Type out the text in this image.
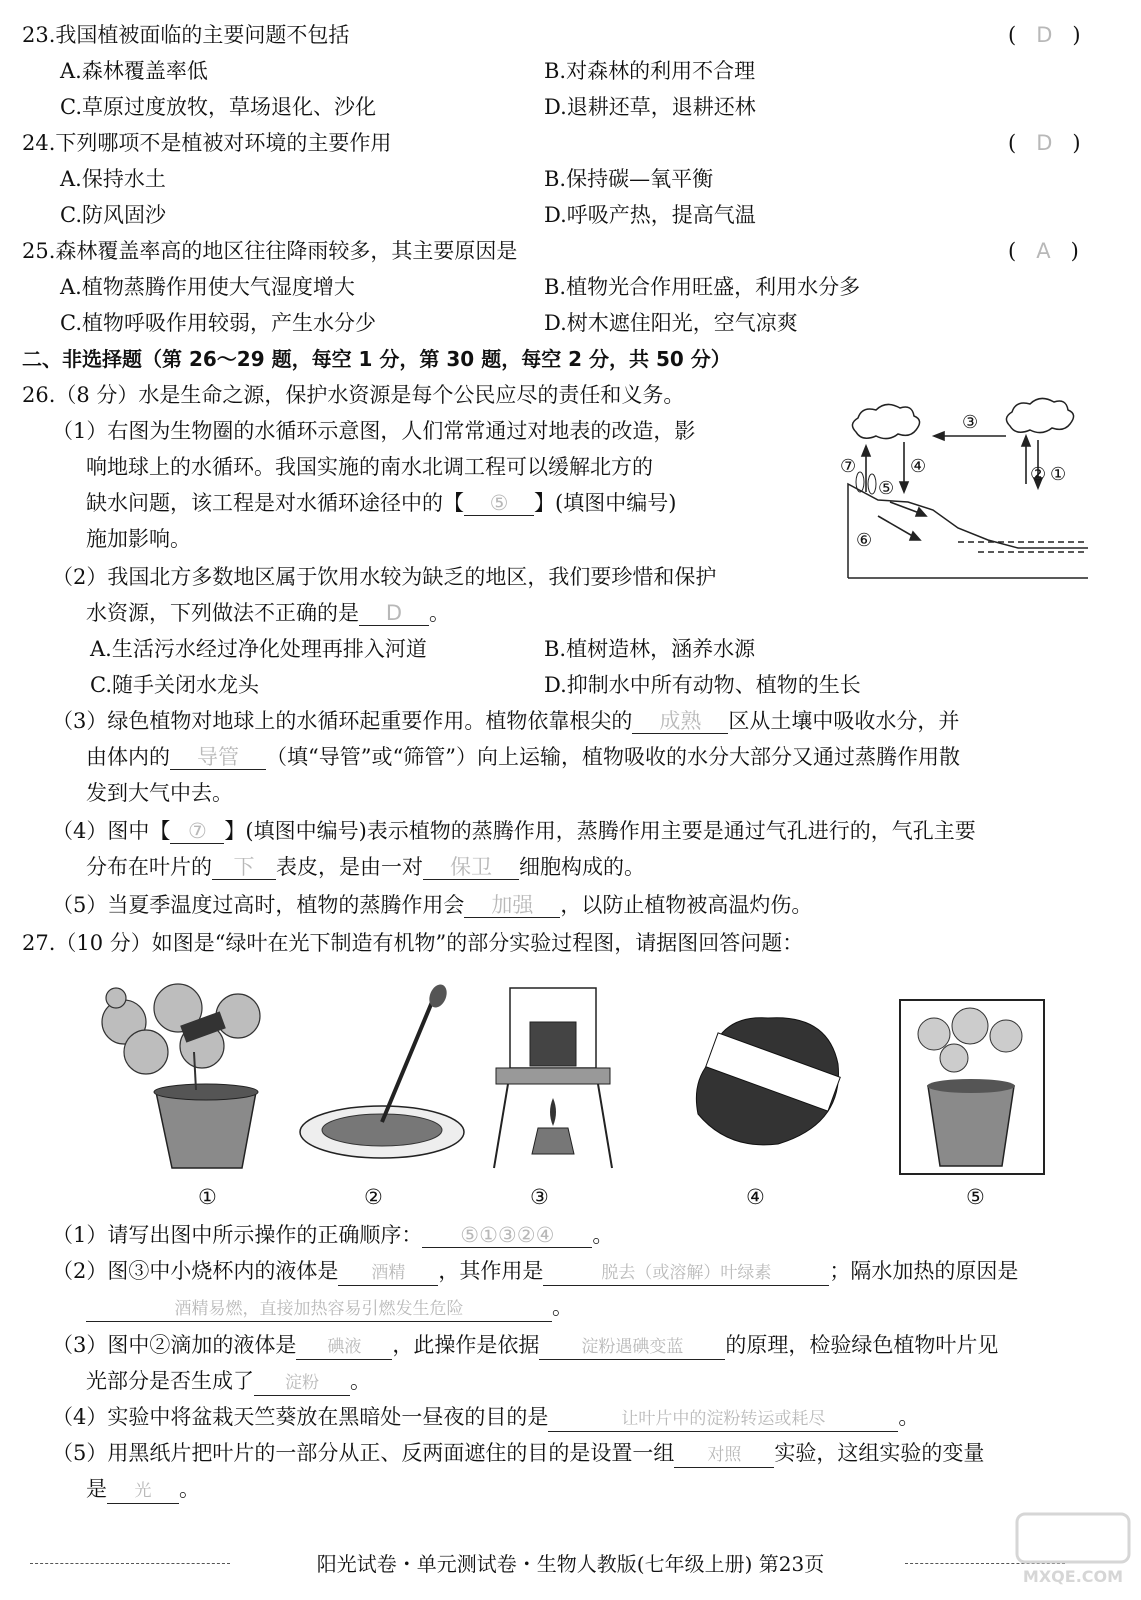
23.我国植被面临的主要问题不包括	(   D   )
A.森林覆盖率低	B.对森林的利用不合理
C.草原过度放牧，草场退化、沙化	D.退耕还草，退耕还林
24.下列哪项不是植被对环境的主要作用	(   D   )
A.保持水土	B.保持碳—氧平衡
C.防风固沙	D.呼吸产热，提高气温
25.森林覆盖率高的地区往往降雨较多，其主要原因是	(   A   )
A.植物蒸腾作用使大气湿度增大	B.植物光合作用旺盛，利用水分多
C.植物呼吸作用较弱，产生水分少	D.树木遮住阳光，空气凉爽
二、非选择题（第 26～29 题，每空 1 分，第 30 题，每空 2 分，共 50 分）
26.（8 分）水是生命之源，保护水资源是每个公民应尽的责任和义务。
（1）右图为生物圈的水循环示意图，人们常常通过对地表的改造，影
响地球上的水循环。我国实施的南水北调工程可以缓解北方的
缺水问题，该工程是对水循环途径中的【 ⑤ 】(填图中编号)
施加影响。
（2）我国北方多数地区属于饮用水较为缺乏的地区，我们要珍惜和保护
水资源，下列做法不正确的是 D 。
A.生活污水经过净化处理再排入河道	B.植树造林，涵养水源
C.随手关闭水龙头	D.抑制水中所有动物、植物的生长
（3）绿色植物对地球上的水循环起重要作用。植物依靠根尖的 成熟 区从土壤中吸收水分，并
由体内的 导管 （填“导管”或“筛管”）向上运输，植物吸收的水分大部分又通过蒸腾作用散
发到大气中去。
（4）图中【 ⑦ 】(填图中编号)表示植物的蒸腾作用，蒸腾作用主要是通过气孔进行的，气孔主要
分布在叶片的 下 表皮，是由一对 保卫 细胞构成的。
（5）当夏季温度过高时，植物的蒸腾作用会 加强 ，以防止植物被高温灼伤。
③
⑦	④	② ①
⑤
⑥
27.（10 分）如图是“绿叶在光下制造有机物”的部分实验过程图，请据图回答问题：
①	②	③	④	⑤
（1）请写出图中所示操作的正确顺序： ⑤①③②④ 。
（2）图③中小烧杯内的液体是 酒精 ，其作用是	脱去（或溶解）叶绿素	；隔水加热的原因是
酒精易燃，直接加热容易引燃发生危险	。
（3）图中②滴加的液体是 碘液 ，此操作是依据 淀粉遇碘变蓝 的原理，检验绿色植物叶片见
光部分是否生成了 淀粉 。
（4）实验中将盆栽天竺葵放在黑暗处一昼夜的目的是	让叶片中的淀粉转运或耗尽	。
（5）用黑纸片把叶片的一部分从正、反两面遮住的目的是设置一组 对照 实验，这组实验的变量
是 光 。
阳光试卷・单元测试卷・生物人教版(七年级上册) 第23页
MXQE.COM
